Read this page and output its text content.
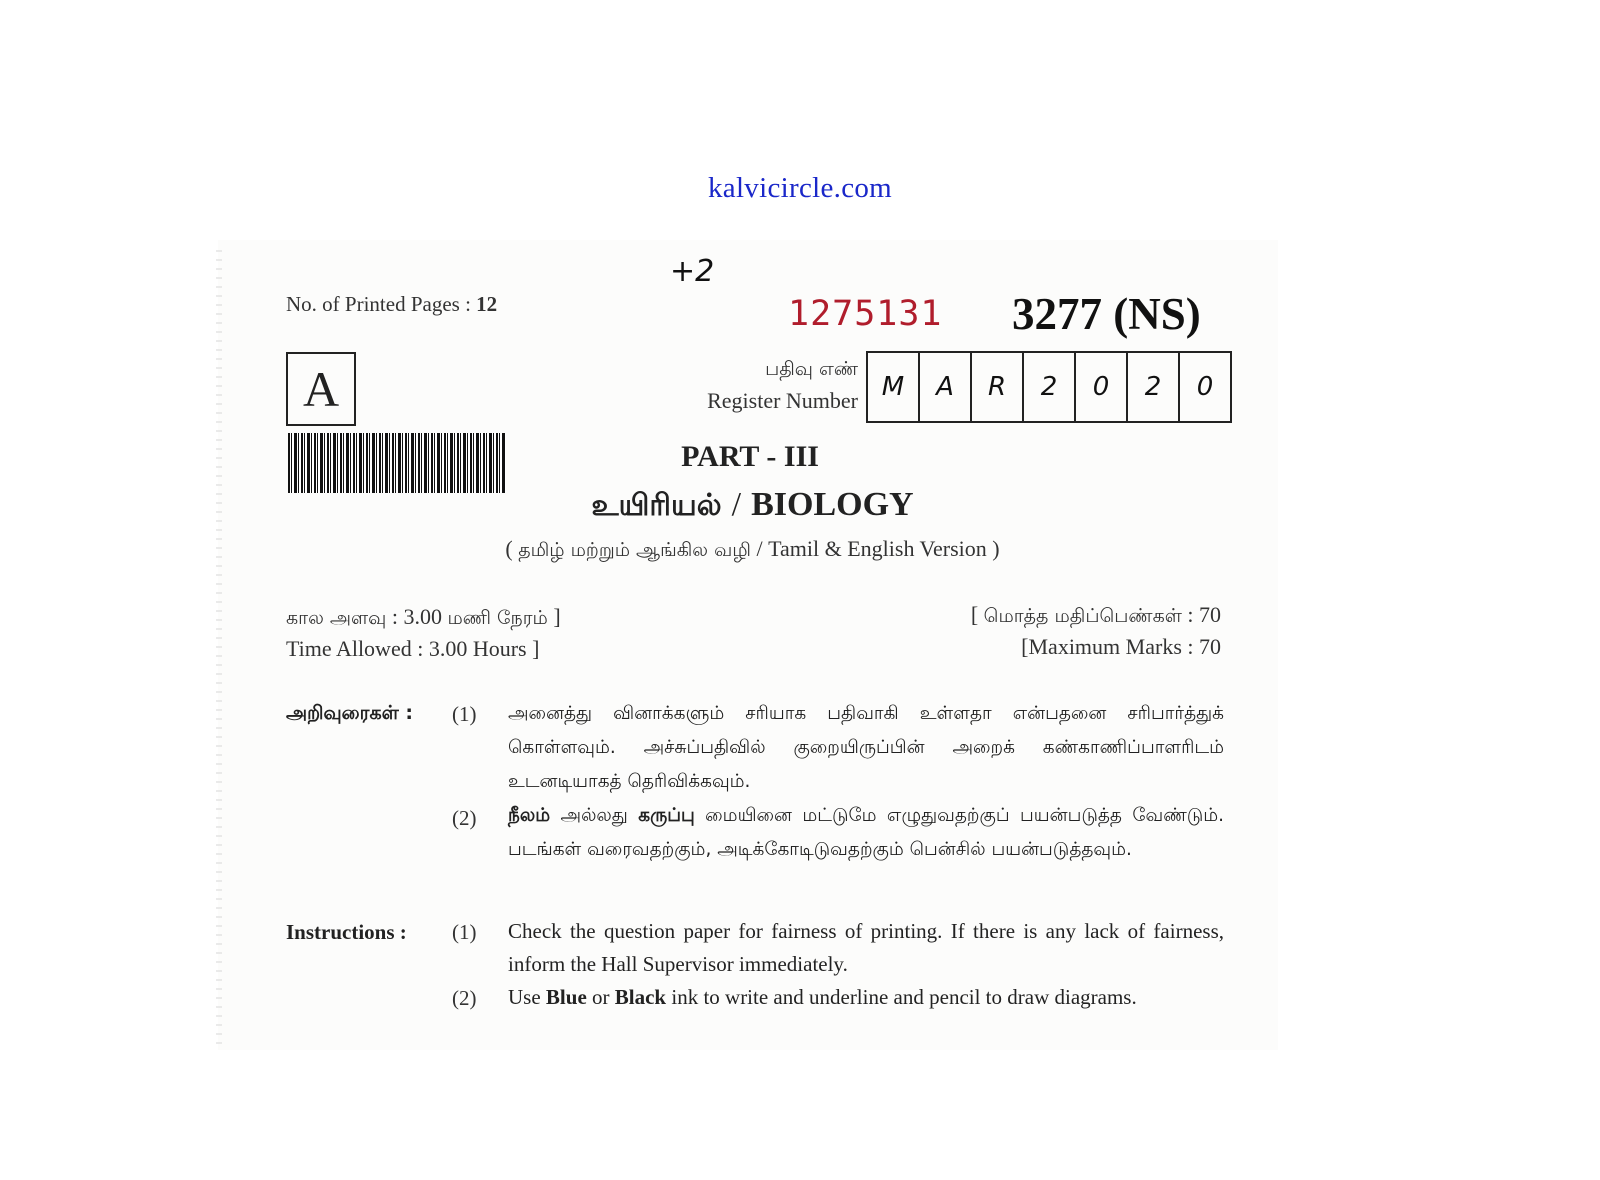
kalvicircle.com
+2
No. of Printed Pages : 12	1275131 3277 (NS)
A	பதிவு எண்
Register Number M	A	R	2	0	2	0
PART - III
உயிரியல் / BIOLOGY
( தமிழ் மற்றும் ஆங்கில வழி / Tamil & English Version )
கால அளவு : 3.00 மணி நேரம் ]
Time Allowed : 3.00 Hours ]
[ மொத்த மதிப்பெண்கள் : 70
[Maximum Marks : 70
அறிவுரைகள் : (1) அனைத்து வினாக்களும் சரியாக பதிவாகி உள்ளதா என்பதனை சரிபார்த்துக் கொள்ளவும். அச்சுப்பதிவில் குறையிருப்பின் அறைக் கண்காணிப்பாளரிடம் உடனடியாகத் தெரிவிக்கவும்.
(2) நீலம் அல்லது கருப்பு மையினை மட்டுமே எழுதுவதற்குப் பயன்படுத்த வேண்டும். படங்கள் வரைவதற்கும், அடிக்கோடிடுவதற்கும் பென்சில் பயன்படுத்தவும்.
Instructions : (1) Check the question paper for fairness of printing. If there is any lack of fairness, inform the Hall Supervisor immediately.
(2) Use Blue or Black ink to write and underline and pencil to draw diagrams.
